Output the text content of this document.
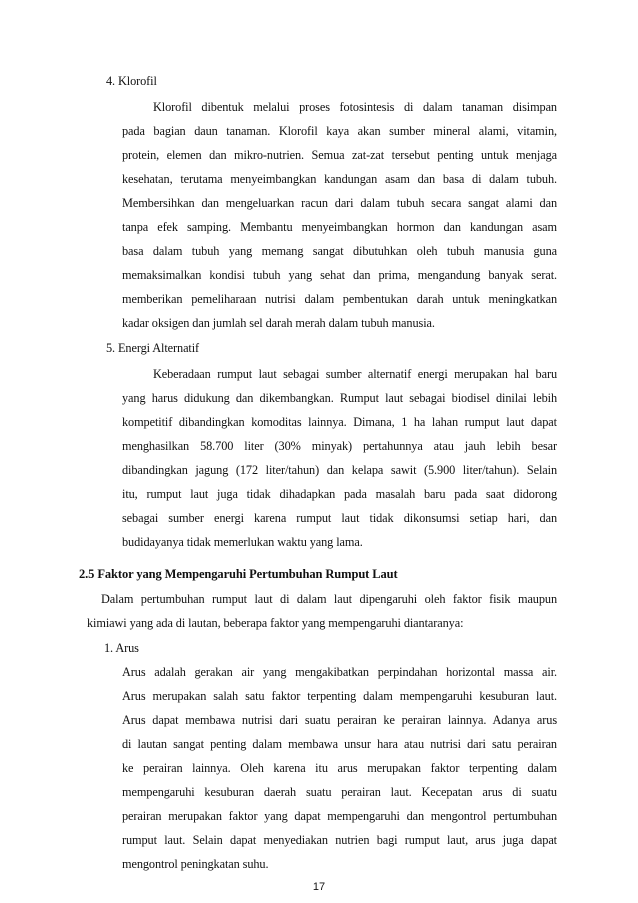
4. Klorofil
Klorofil dibentuk melalui proses fotosintesis di dalam tanaman disimpan
pada bagian daun tanaman. Klorofil kaya akan sumber mineral alami, vitamin,
protein, elemen dan mikro-nutrien. Semua zat-zat tersebut penting untuk menjaga
kesehatan, terutama menyeimbangkan kandungan asam dan basa di dalam tubuh.
Membersihkan dan mengeluarkan racun dari dalam tubuh secara sangat alami dan
tanpa efek samping. Membantu menyeimbangkan hormon dan kandungan asam
basa dalam tubuh yang memang sangat dibutuhkan oleh tubuh manusia guna
memaksimalkan kondisi tubuh yang sehat dan prima, mengandung banyak serat.
memberikan pemeliharaan nutrisi dalam pembentukan darah untuk meningkatkan
kadar oksigen dan jumlah sel darah merah dalam tubuh manusia.
5. Energi Alternatif
Keberadaan rumput laut sebagai sumber alternatif energi merupakan hal baru
yang harus didukung dan dikembangkan. Rumput laut sebagai biodisel dinilai lebih
kompetitif dibandingkan komoditas lainnya. Dimana, 1 ha lahan rumput laut dapat
menghasilkan 58.700 liter (30% minyak) pertahunnya atau jauh lebih besar
dibandingkan jagung (172 liter/tahun) dan kelapa sawit (5.900 liter/tahun). Selain
itu, rumput laut juga tidak dihadapkan pada masalah baru pada saat didorong
sebagai sumber energi karena rumput laut tidak dikonsumsi setiap hari, dan
budidayanya tidak memerlukan waktu yang lama.
2.5 Faktor yang Mempengaruhi Pertumbuhan Rumput Laut
Dalam pertumbuhan rumput laut di dalam laut dipengaruhi oleh faktor fisik maupun
kimiawi yang ada di lautan, beberapa faktor yang mempengaruhi diantaranya:
1. Arus
Arus adalah gerakan air yang mengakibatkan perpindahan horizontal massa air.
Arus merupakan salah satu faktor terpenting dalam mempengaruhi kesuburan laut.
Arus dapat membawa nutrisi dari suatu perairan ke perairan lainnya. Adanya arus
di lautan sangat penting dalam membawa unsur hara atau nutrisi dari satu perairan
ke perairan lainnya. Oleh karena itu arus merupakan faktor terpenting dalam
mempengaruhi kesuburan daerah suatu perairan laut. Kecepatan arus di suatu
perairan merupakan faktor yang dapat mempengaruhi dan mengontrol pertumbuhan
rumput laut. Selain dapat menyediakan nutrien bagi rumput laut, arus juga dapat
mengontrol peningkatan suhu.
17
